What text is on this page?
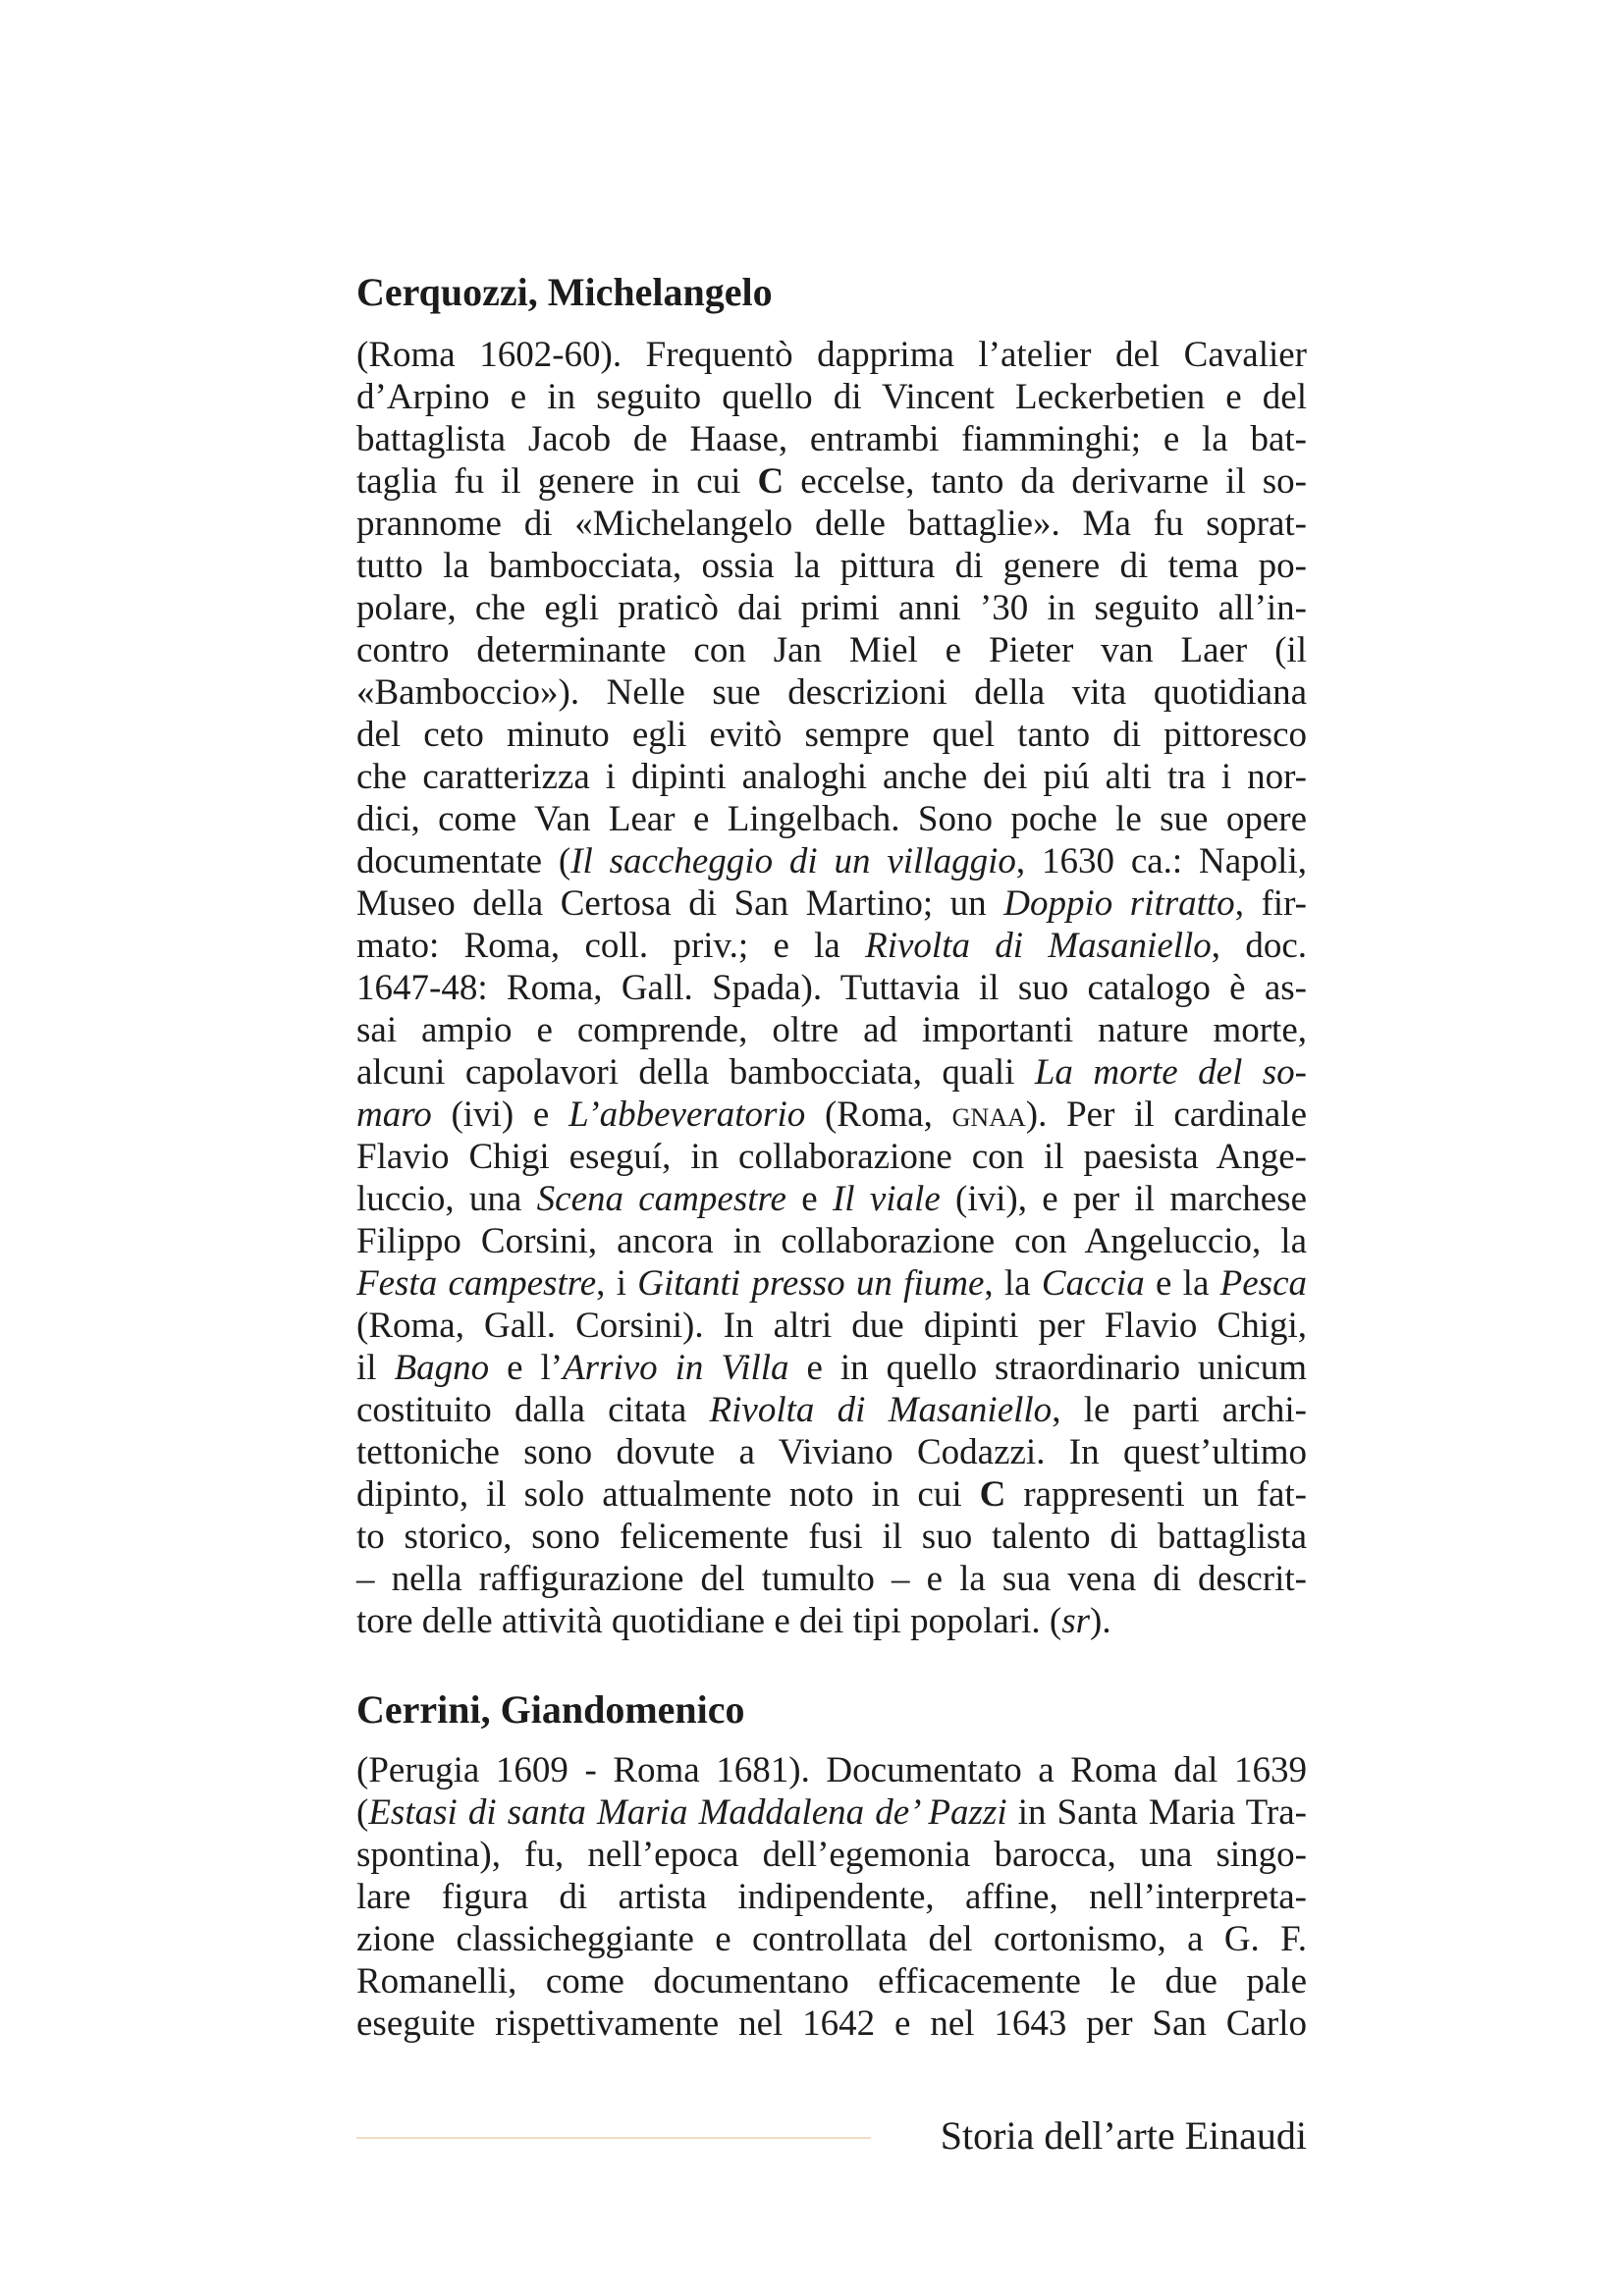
Cerquozzi, Michelangelo
(Roma 1602-60). Frequentò dapprima l’atelier del Cavalier
d’Arpino e in seguito quello di Vincent Leckerbetien e del
battaglista Jacob de Haase, entrambi fiamminghi; e la bat-
taglia fu il genere in cui C eccelse, tanto da derivarne il so-
prannome di «Michelangelo delle battaglie». Ma fu soprat-
tutto la bambocciata, ossia la pittura di genere di tema po-
polare, che egli praticò dai primi anni ’30 in seguito all’in-
contro determinante con Jan Miel e Pieter van Laer (il
«Bamboccio»). Nelle sue descrizioni della vita quotidiana
del ceto minuto egli evitò sempre quel tanto di pittoresco
che caratterizza i dipinti analoghi anche dei piú alti tra i nor-
dici, come Van Lear e Lingelbach. Sono poche le sue opere
documentate (Il saccheggio di un villaggio, 1630 ca.: Napoli,
Museo della Certosa di San Martino; un Doppio ritratto, fir-
mato: Roma, coll. priv.; e la Rivolta di Masaniello, doc.
1647-48: Roma, Gall. Spada). Tuttavia il suo catalogo è as-
sai ampio e comprende, oltre ad importanti nature morte,
alcuni capolavori della bambocciata, quali La morte del so-
maro (ivi) e L’abbeveratorio (Roma, gnaa). Per il cardinale
Flavio Chigi eseguí, in collaborazione con il paesista Ange-
luccio, una Scena campestre e Il viale (ivi), e per il marchese
Filippo Corsini, ancora in collaborazione con Angeluccio, la
Festa campestre, i Gitanti presso un fiume, la Caccia e la Pesca
(Roma, Gall. Corsini). In altri due dipinti per Flavio Chigi,
il Bagno e l’Arrivo in Villa e in quello straordinario unicum
costituito dalla citata Rivolta di Masaniello, le parti archi-
tettoniche sono dovute a Viviano Codazzi. In quest’ultimo
dipinto, il solo attualmente noto in cui C rappresenti un fat-
to storico, sono felicemente fusi il suo talento di battaglista
– nella raffigurazione del tumulto – e la sua vena di descrit-
tore delle attività quotidiane e dei tipi popolari. (sr).
Cerrini, Giandomenico
(Perugia 1609 - Roma 1681). Documentato a Roma dal 1639
(Estasi di santa Maria Maddalena de’ Pazzi in Santa Maria Tra-
spontina), fu, nell’epoca dell’egemonia barocca, una singo-
lare figura di artista indipendente, affine, nell’interpreta-
zione classicheggiante e controllata del cortonismo, a G. F.
Romanelli, come documentano efficacemente le due pale
eseguite rispettivamente nel 1642 e nel 1643 per San Carlo
Storia dell’arte Einaudi
